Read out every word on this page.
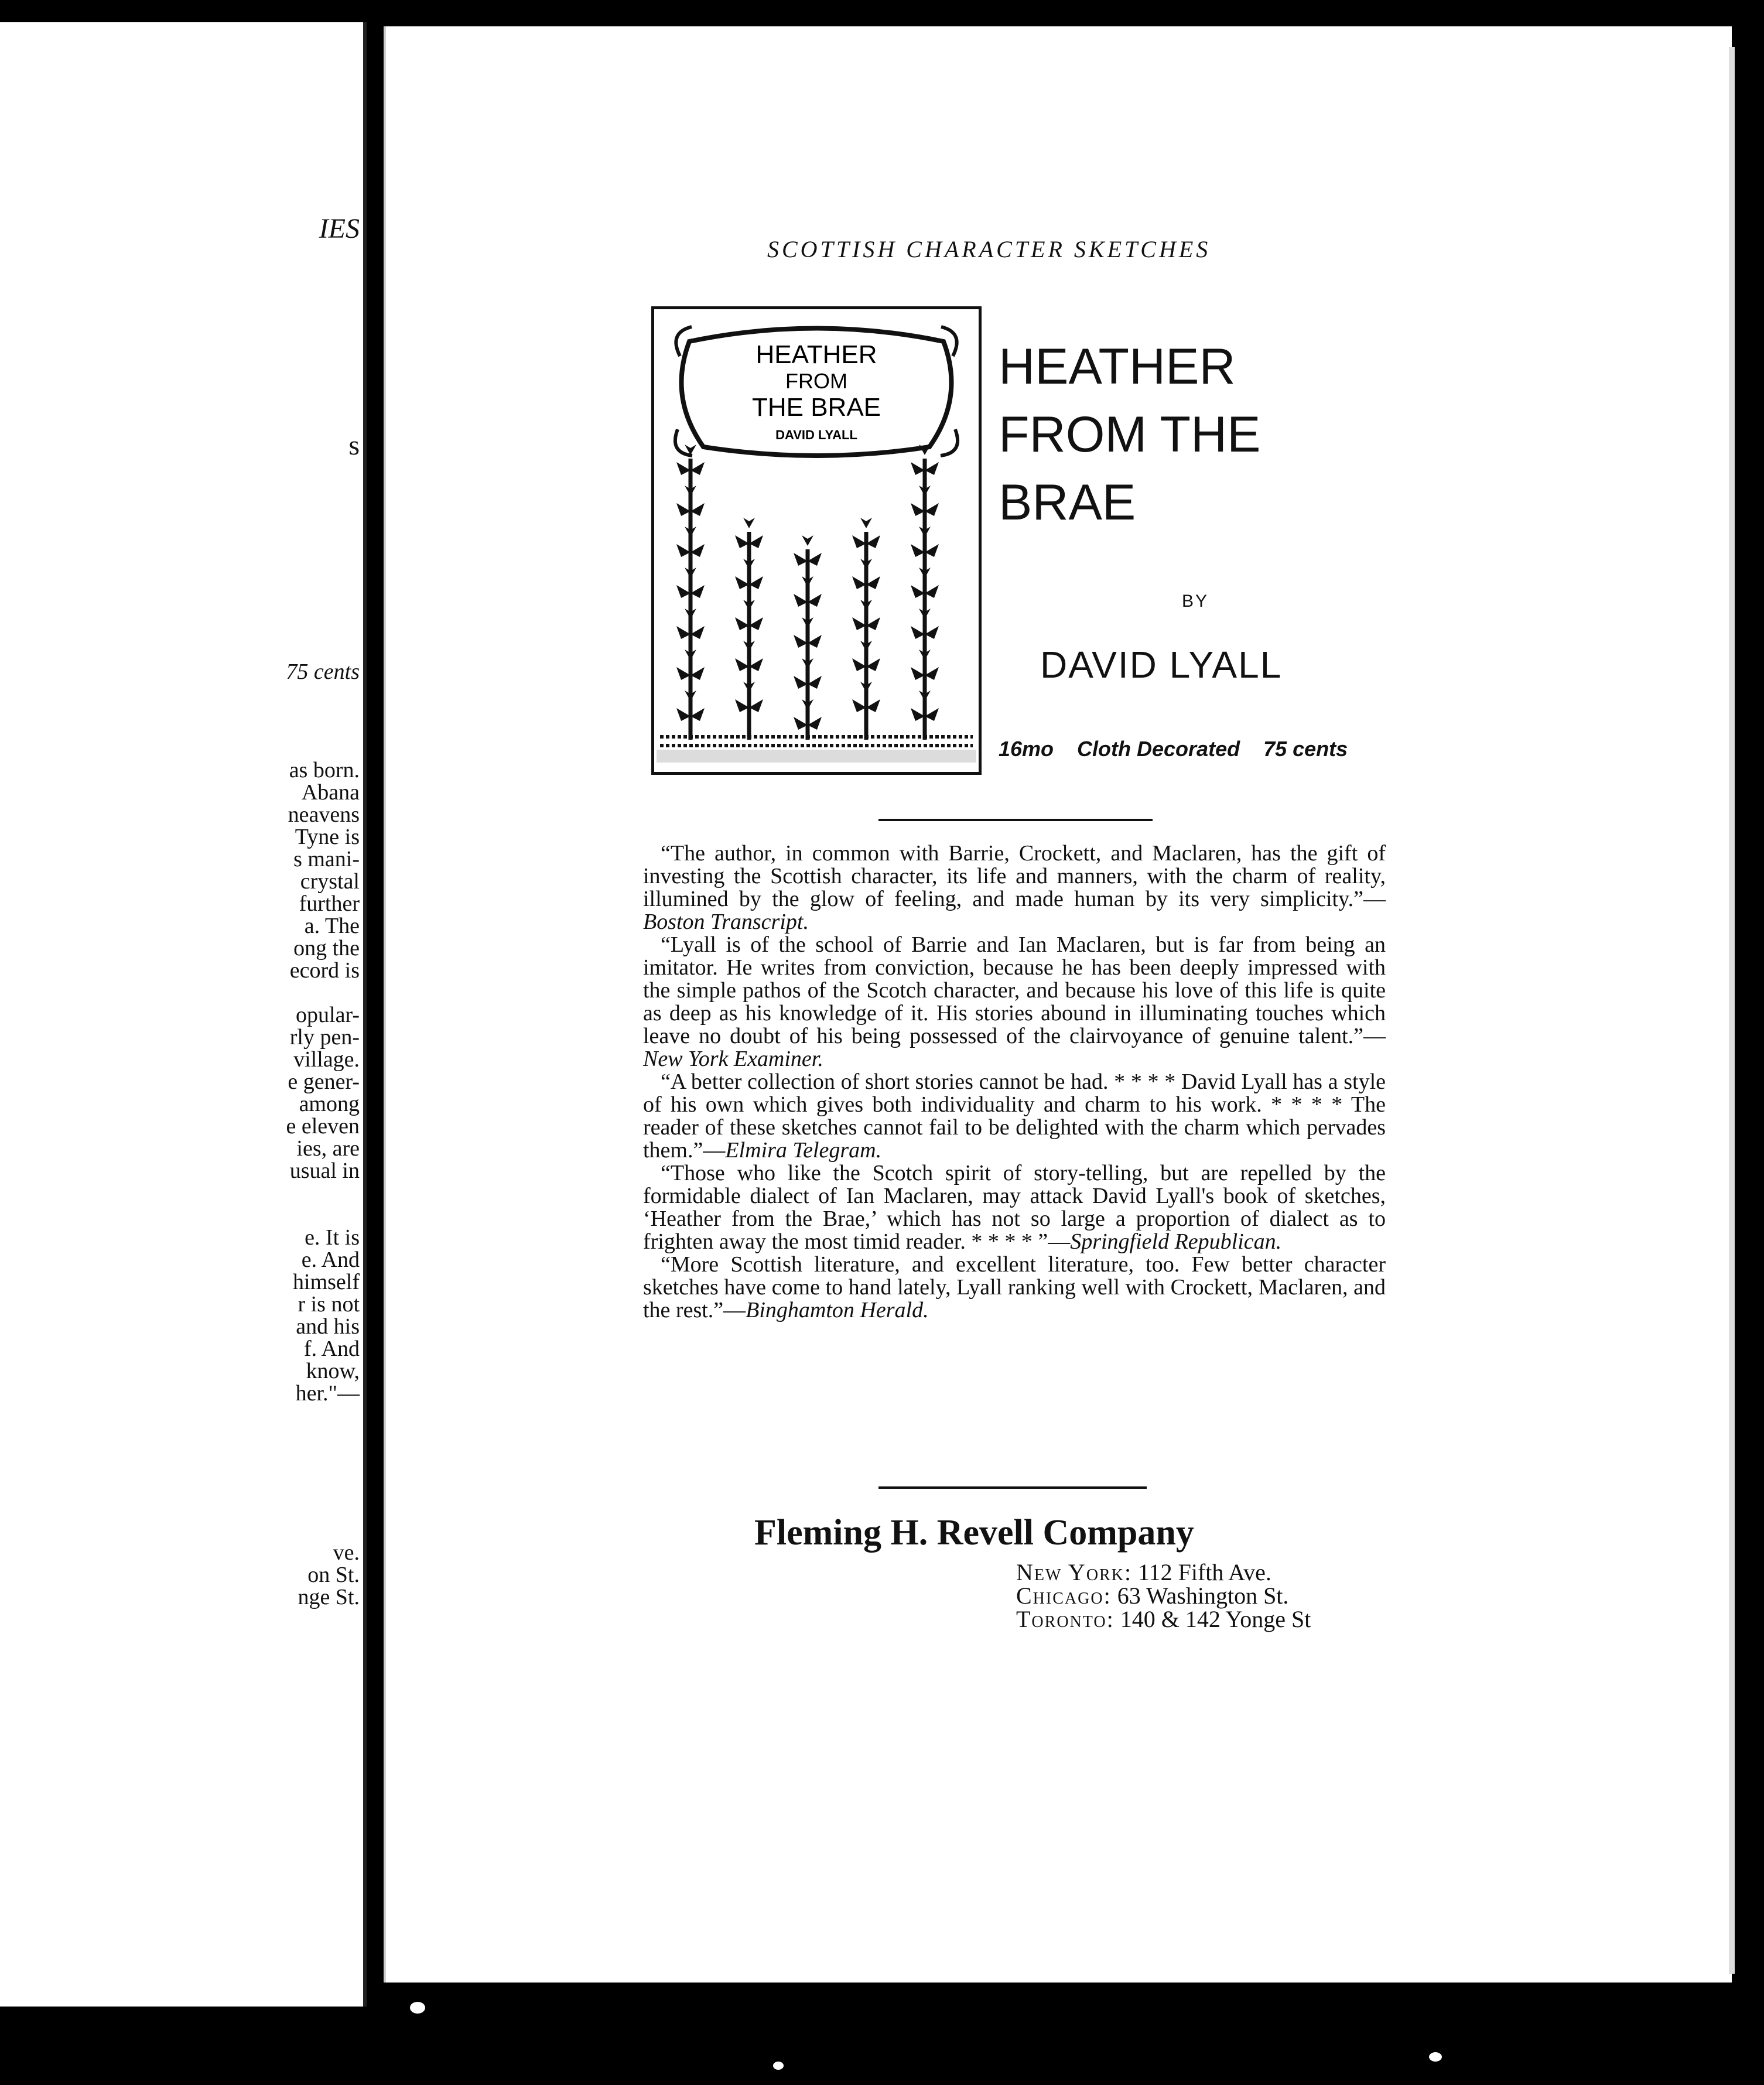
IES
s
75 cents
as born.
Abana
neavens
Tyne is
s mani-
crystal
further
a. The
ong the
ecord is
opular-
rly pen-
village.
e gener-
among
e eleven
ies, are
usual in
e. It is
e. And
himself
r is not
and his
f. And
know,
her."—
ve.
on St.
nge St.
SCOTTISH CHARACTER SKETCHES
HEATHER
FROM
THE BRAE
DAVID LYALL
HEATHER
FROM THE
BRAE
BY
DAVID LYALL
16mo Cloth Decorated 75 cents

“The author, in common with Barrie, Crockett, and Maclaren, has the gift of investing the Scottish character, its life and manners, with the charm of reality, illumined by the glow of feeling, and made human by its very simplicity.”—Boston Transcript.

“Lyall is of the school of Barrie and Ian Maclaren, but is far from being an imitator. He writes from conviction, because he has been deeply impressed with the simple pathos of the Scotch character, and because his love of this life is quite as deep as his knowledge of it. His stories abound in illuminating touches which leave no doubt of his being possessed of the clairvoyance of genuine talent.”—New York Examiner.

“A better collection of short stories cannot be had. * * * * David Lyall has a style of his own which gives both individuality and charm to his work. * * * * The reader of these sketches cannot fail to be delighted with the charm which pervades them.”—Elmira Telegram.

“Those who like the Scotch spirit of story-telling, but are repelled by the formidable dialect of Ian Maclaren, may attack David Lyall's book of sketches, ‘Heather from the Brae,’ which has not so large a proportion of dialect as to frighten away the most timid reader. * * * * ”—Springfield Republican.

“More Scottish literature, and excellent literature, too. Few better character sketches have come to hand lately, Lyall ranking well with Crockett, Maclaren, and the rest.”—Binghamton Herald.

Fleming H. Revell Company
New York: 112 Fifth Ave.
Chicago: 63 Washington St.
Toronto: 140 & 142 Yonge St
